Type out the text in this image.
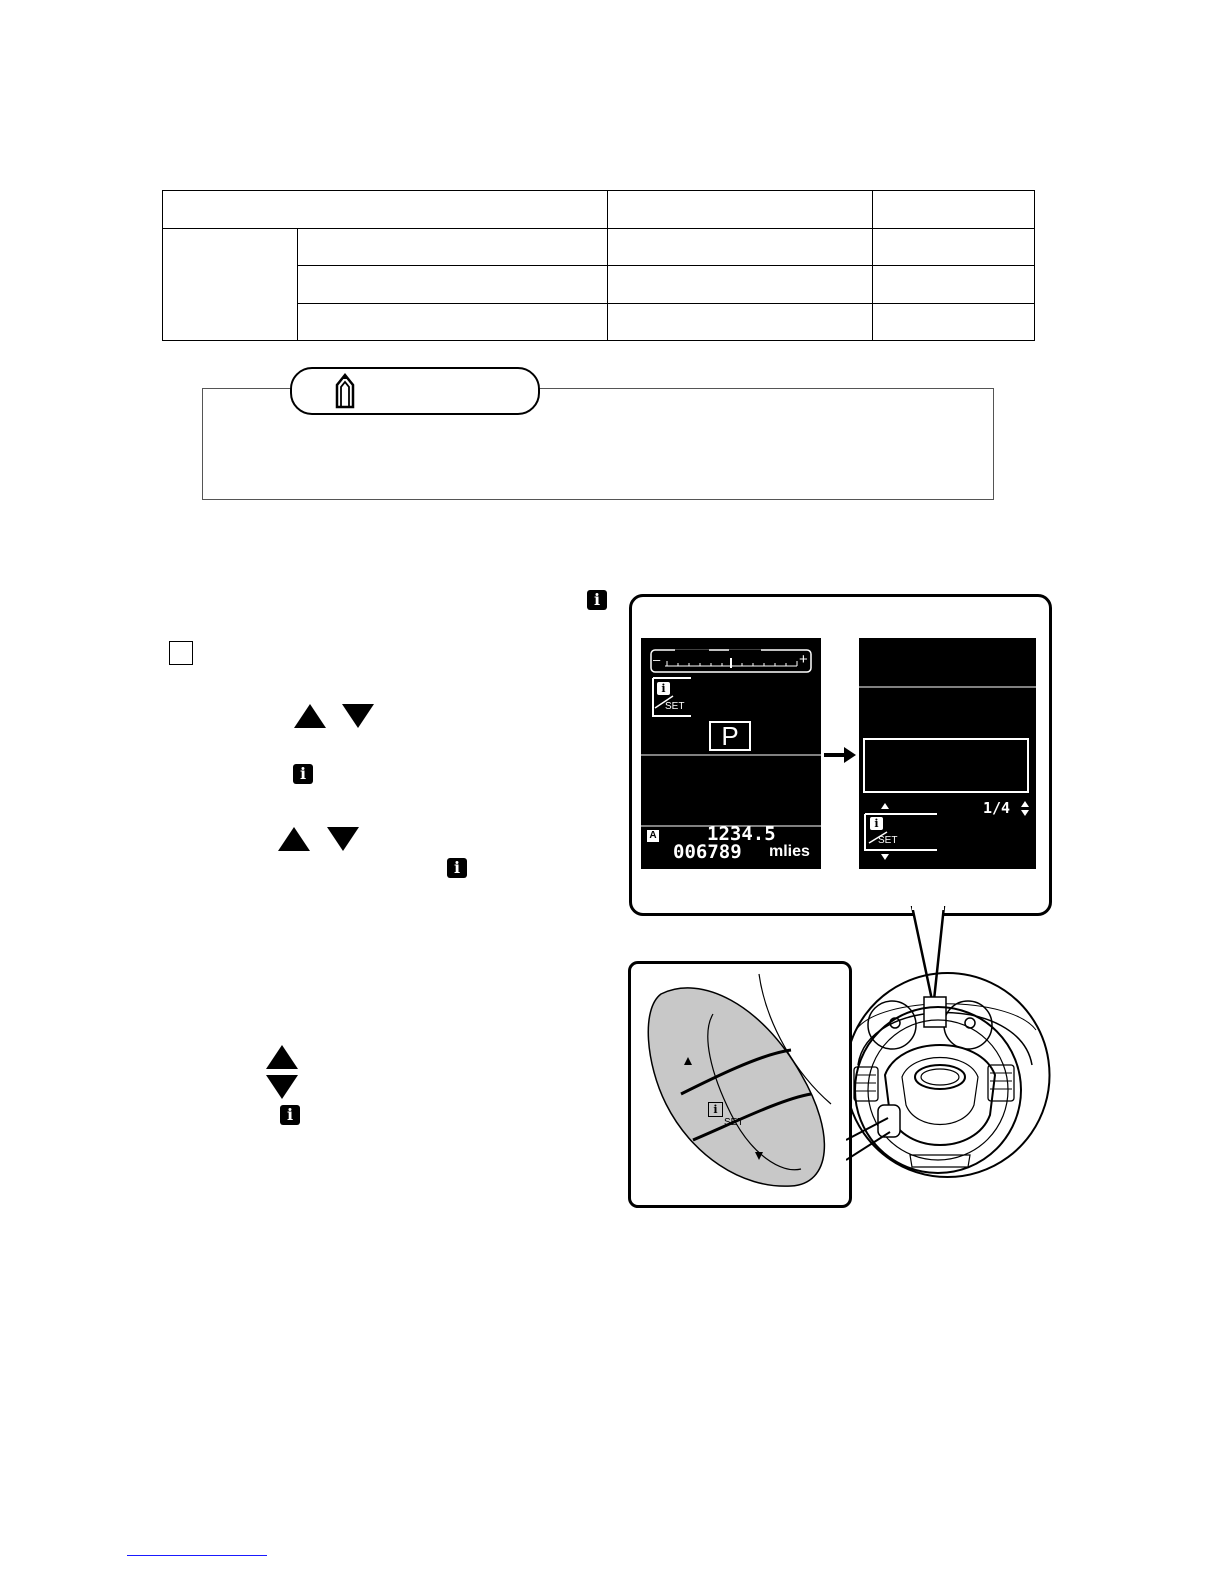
i
i
i
i
–	+
i
SET
P
A	1234.5
006789 mlies
i
SET
1/4
i
SET
